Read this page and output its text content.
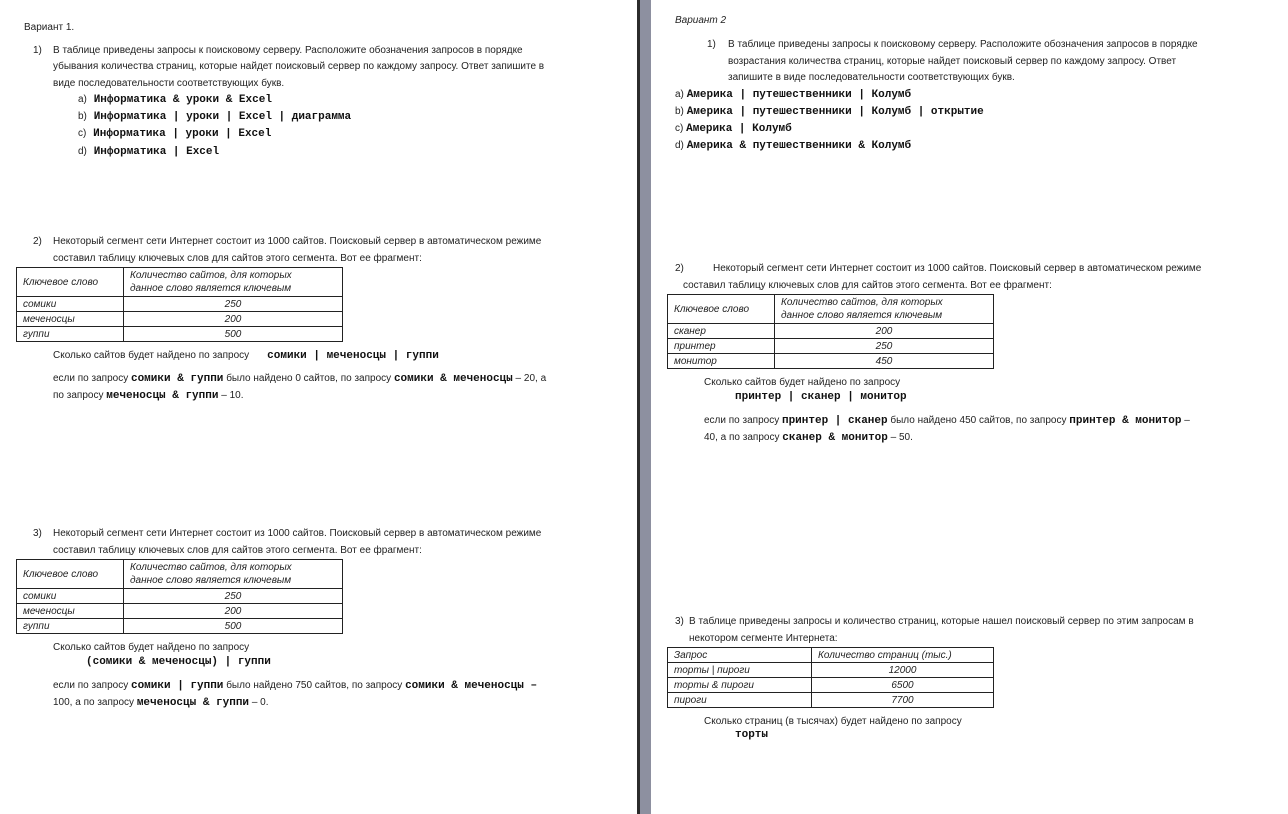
Вариант 1.
1) В таблице приведены запросы к поисковому серверу. Расположите обозначения запросов в порядке
убывания количества страниц, которые найдет поисковый сервер по каждому запросу. Ответ запишите в
виде последовательности соответствующих букв.
a) Информатика & уроки & Excel
b) Информатика | уроки | Excel | диаграмма
c) Информатика | уроки | Excel
d) Информатика | Excel
2) Некоторый сегмент сети Интернет состоит из 1000 сайтов. Поисковый сервер в автоматическом режиме
составил таблицу ключевых слов для сайтов этого сегмента. Вот ее фрагмент:
Ключевое слово	Количество сайтов, для которых
данное слово является ключевым
сомики	250
меченосцы	200
гуппи	500
Сколько сайтов будет найдено по запросу сомики | меченосцы | гуппи
если по запросу сомики & гуппи было найдено 0 сайтов, по запросу сомики & меченосцы – 20, а
по запросу меченосцы & гуппи – 10.
3) Некоторый сегмент сети Интернет состоит из 1000 сайтов. Поисковый сервер в автоматическом режиме
составил таблицу ключевых слов для сайтов этого сегмента. Вот ее фрагмент:
Ключевое слово	Количество сайтов, для которых
данное слово является ключевым
сомики	250
меченосцы	200
гуппи	500
Сколько сайтов будет найдено по запросу
(сомики & меченосцы) | гуппи
если по запросу сомики | гуппи было найдено 750 сайтов, по запросу сомики & меченосцы –
100, а по запросу меченосцы & гуппи – 0.
Вариант 2
1) В таблице приведены запросы к поисковому серверу. Расположите обозначения запросов в порядке
возрастания количества страниц, которые найдет поисковый сервер по каждому запросу. Ответ
запишите в виде последовательности соответствующих букв.
a) Америка | путешественники | Колумб
b) Америка | путешественники | Колумб | открытие
c) Америка | Колумб
d) Америка & путешественники & Колумб
2)	Некоторый сегмент сети Интернет состоит из 1000 сайтов. Поисковый сервер в автоматическом режиме
составил таблицу ключевых слов для сайтов этого сегмента. Вот ее фрагмент:
Ключевое слово	Количество сайтов, для которых
данное слово является ключевым
сканер	200
принтер	250
монитор	450
Сколько сайтов будет найдено по запросу
принтер | сканер | монитор
если по запросу принтер | сканер было найдено 450 сайтов, по запросу принтер & монитор –
40, а по запросу сканер & монитор – 50.
3) В таблице приведены запросы и количество страниц, которые нашел поисковый сервер по этим запросам в
некотором сегменте Интернета:
Запрос	Количество страниц (тыс.)
торты | пироги	12000
торты & пироги	6500
пироги	7700
Сколько страниц (в тысячах) будет найдено по запросу
торты
